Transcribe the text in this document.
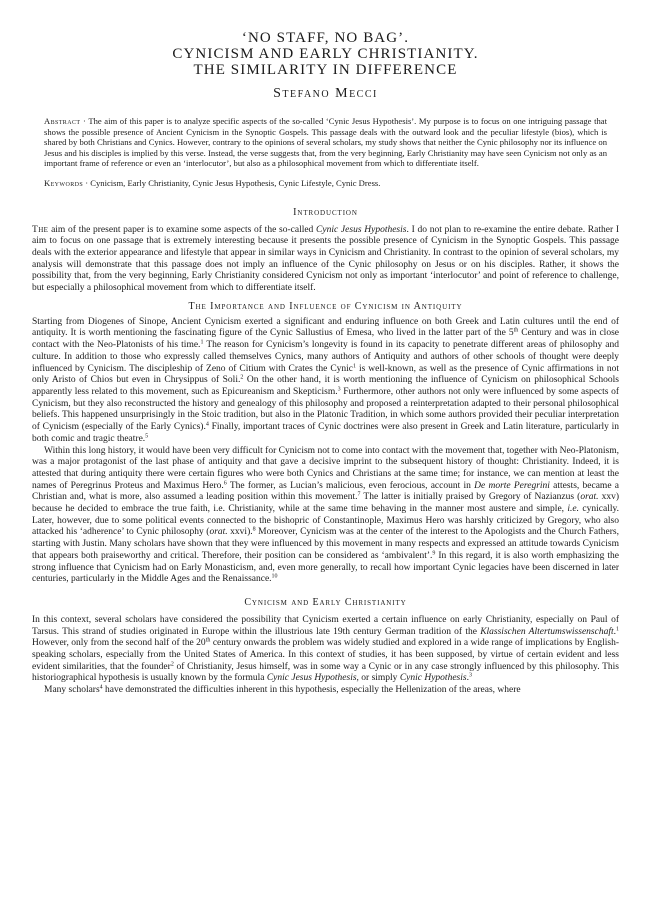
‘NO STAFF, NO BAG’.

CYNICISM AND EARLY CHRISTIANITY.

THE SIMILARITY IN DIFFERENCE

Stefano Mecci

Abstract · The aim of this paper is to analyze specific aspects of the so-called ‘Cynic Jesus Hypothesis’. My purpose is to focus on one intriguing passage that shows the possible presence of Ancient Cynicism in the Synoptic Gospels. This passage deals with the outward look and the peculiar lifestyle (bios), which is shared by both Christians and Cynics. However, contrary to the opinions of several scholars, my study shows that neither the Cynic philosophy nor its influence on Jesus and his disciples is implied by this verse. Instead, the verse suggests that, from the very beginning, Early Christianity may have seen Cynicism not only as an important frame of reference or even an ‘interlocutor’, but also as a philosophical movement from which to differentiate itself.
Keywords · Cynicism, Early Christianity, Cynic Jesus Hypothesis, Cynic Lifestyle, Cynic Dress.
Introduction

The aim of the present paper is to examine some aspects of the so-called Cynic Jesus Hypothesis. I do not plan to re-examine the entire debate. Rather I aim to focus on one passage that is extremely interesting because it presents the possible presence of Cynicism in the Synoptic Gospels. This passage deals with the exterior appearance and lifestyle that appear in similar ways in Cynicism and Christianity. In contrast to the opinion of several scholars, my analysis will demonstrate that this passage does not imply an influence of the Cynic philosophy on Jesus or on his disciples. Rather, it shows the possibility that, from the very beginning, Early Christianity considered Cynicism not only as important ‘interlocutor’ and point of reference to challenge, but especially a philosophical movement from which to differentiate itself.

The Importance and Influence of Cynicism in Antiquity

Starting from Diogenes of Sinope, Ancient Cynicism exerted a significant and enduring influence on both Greek and Latin cultures until the end of antiquity. It is worth mentioning the fascinating figure of the Cynic Sallustius of Emesa, who lived in the latter part of the 5th Century and was in close contact with the Neo-Platonists of his time.$^1$ The reason for Cynicism’s longevity is found in its capacity to penetrate different areas of philosophy and culture. In addition to those who expressly called themselves Cynics, many authors of Antiquity and authors of other schools of thought were deeply influenced by Cynicism. The discipleship of Zeno of Citium with Crates the Cynic$^1$ is well-known, as well as the presence of Cynic affirmations in not only Aristo of Chios but even in Chrysippus of Soli.$^2$ On the other hand, it is worth mentioning the influence of Cynicism on philosophical Schools apparently less related to this movement, such as Epicureanism and Skepticism.$^3$ Furthermore, other authors not only were influenced by some aspects of Cynicism, but they also reconstructed the history and genealogy of this philosophy and proposed a reinterpretation adapted to their personal philosophical beliefs. This happened unsurprisingly in the Stoic tradition, but also in the Platonic Tradition, in which some authors provided their peculiar interpretation of Cynicism (especially of the Early Cynics).$^4$ Finally, important traces of Cynic doctrines were also present in Greek and Latin literature, particularly in both comic and tragic theatre.$^5$

Within this long history, it would have been very difficult for Cynicism not to come into contact with the movement that, together with Neo-Platonism, was a major protagonist of the last phase of antiquity and that gave a decisive imprint to the subsequent history of thought: Christianity. Indeed, it is attested that during antiquity there were certain figures who were both Cynics and Christians at the same time; for instance, we can mention at least the names of Peregrinus Proteus and Maximus Hero.$^6$ The former, as Lucian’s malicious, even ferocious, account in De morte Peregrini attests, became a Christian and, what is more, also assumed a leading position within this movement.$^7$ The latter is initially praised by Gregory of Nazianzus (orat. xxv) because he decided to embrace the true faith, i.e. Christianity, while at the same time behaving in the manner most austere and simple, i.e. cynically. Later, however, due to some political events connected to the bishopric of Constantinople, Maximus Hero was harshly criticized by Gregory, who also attacked his ‘adherence’ to Cynic philosophy (orat. xxvi).$^8$ Moreover, Cynicism was at the center of the interest to the Apologists and the Church Fathers, starting with Justin. Many scholars have shown that they were influenced by this movement in many respects and expressed an attitude towards Cynicism that appears both praiseworthy and critical. Therefore, their position can be considered as ‘ambivalent’.$^9$ In this regard, it is also worth emphasizing the strong influence that Cynicism had on Early Monasticism, and, even more generally, to recall how important Cynic legacies have been discerned in later centuries, particularly in the Middle Ages and the Renaissance.$^{10}$

Cynicism and Early Christianity

In this context, several scholars have considered the possibility that Cynicism exerted a certain influence on early Christianity, especially on Paul of Tarsus. This strand of studies originated in Europe within the illustrious late 19th century German tradition of the Klassischen Altertumswissenschaft.$^1$ However, only from the second half of the 20th century onwards the problem was widely studied and explored in a wide range of implications by English-speaking scholars, especially from the United States of America. In this context of studies, it has been supposed, by virtue of certain evident and less evident similarities, that the founder$^2$ of Christianity, Jesus himself, was in some way a Cynic or in any case strongly influenced by this philosophy. This historiographical hypothesis is usually known by the formula Cynic Jesus Hypothesis, or simply Cynic Hypothesis.$^3$

Many scholars$^4$ have demonstrated the difficulties inherent in this hypothesis, especially the Hellenization of the areas, where
